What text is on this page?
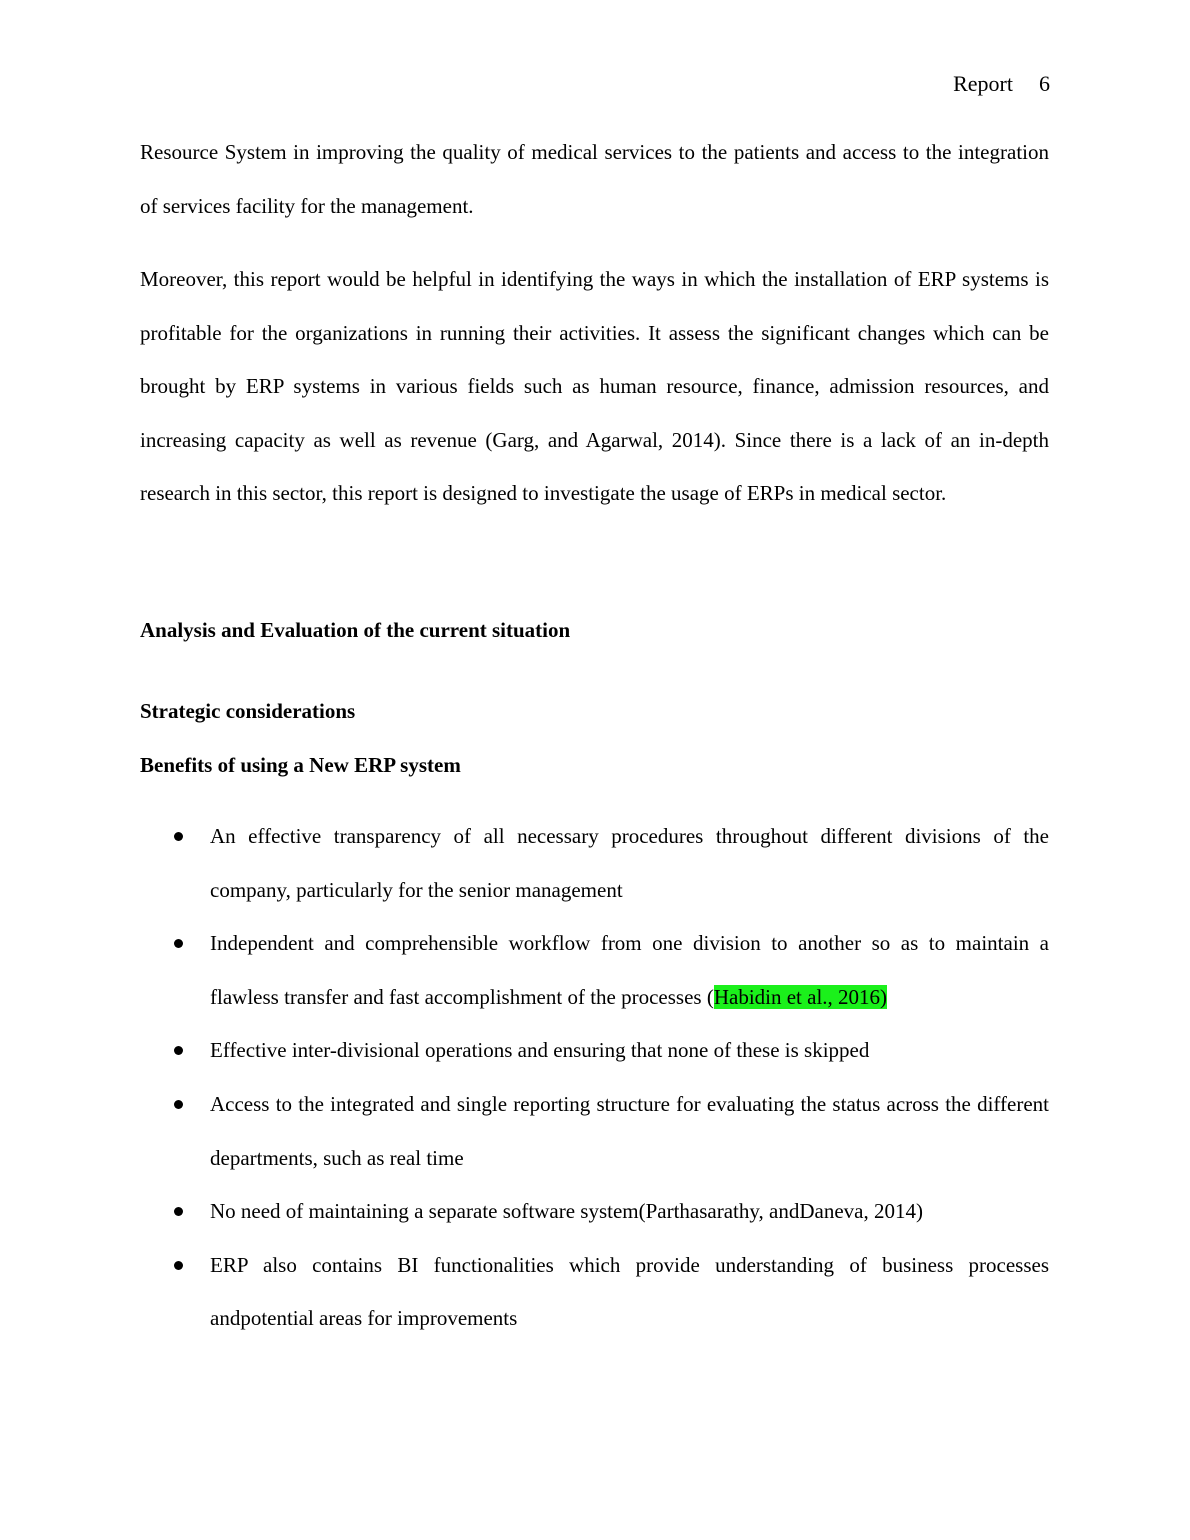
Report 6

Resource System in improving the quality of medical services to the patients and access to the integration of services facility for the management.

Moreover, this report would be helpful in identifying the ways in which the installation of ERP systems is profitable for the organizations in running their activities. It assess the significant changes which can be brought by ERP systems in various fields such as human resource, finance, admission resources, and increasing capacity as well as revenue (Garg, and Agarwal, 2014). Since there is a lack of an in-depth research in this sector, this report is designed to investigate the usage of ERPs in medical sector.

Analysis and Evaluation of the current situation
Strategic considerations
Benefits of using a New ERP system
An effective transparency of all necessary procedures throughout different divisions of the company, particularly for the senior management
Independent and comprehensible workflow from one division to another so as to maintain a flawless transfer and fast accomplishment of the processes (Habidin et al., 2016)
Effective inter-divisional operations and ensuring that none of these is skipped
Access to the integrated and single reporting structure for evaluating the status across the different departments, such as real time
No need of maintaining a separate software system(Parthasarathy, andDaneva, 2014)
ERP also contains BI functionalities which provide understanding of business processes andpotential areas for improvements
